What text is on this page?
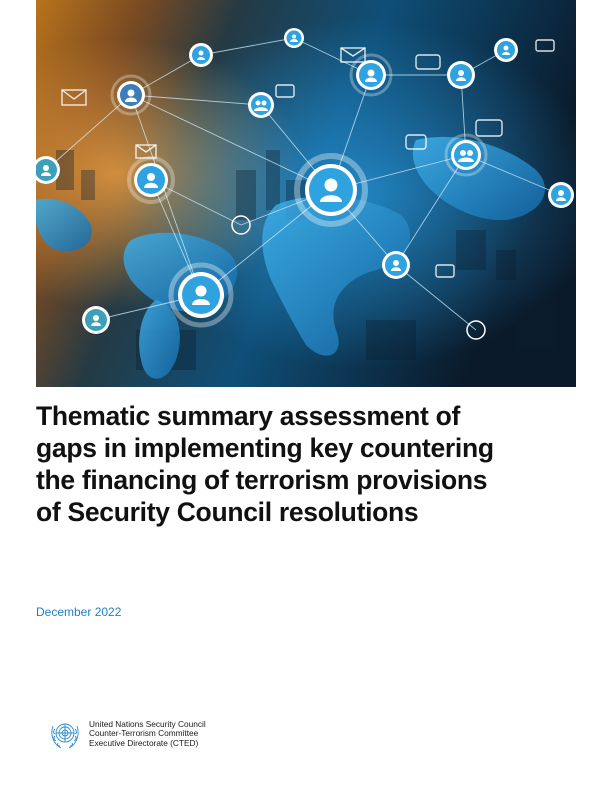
Thematic summary assessment of gaps in implementing key countering the financing of terrorism provisions of Security Council resolutions
December 2022
United Nations Security Council
Counter-Terrorism Committee
Executive Directorate (CTED)
